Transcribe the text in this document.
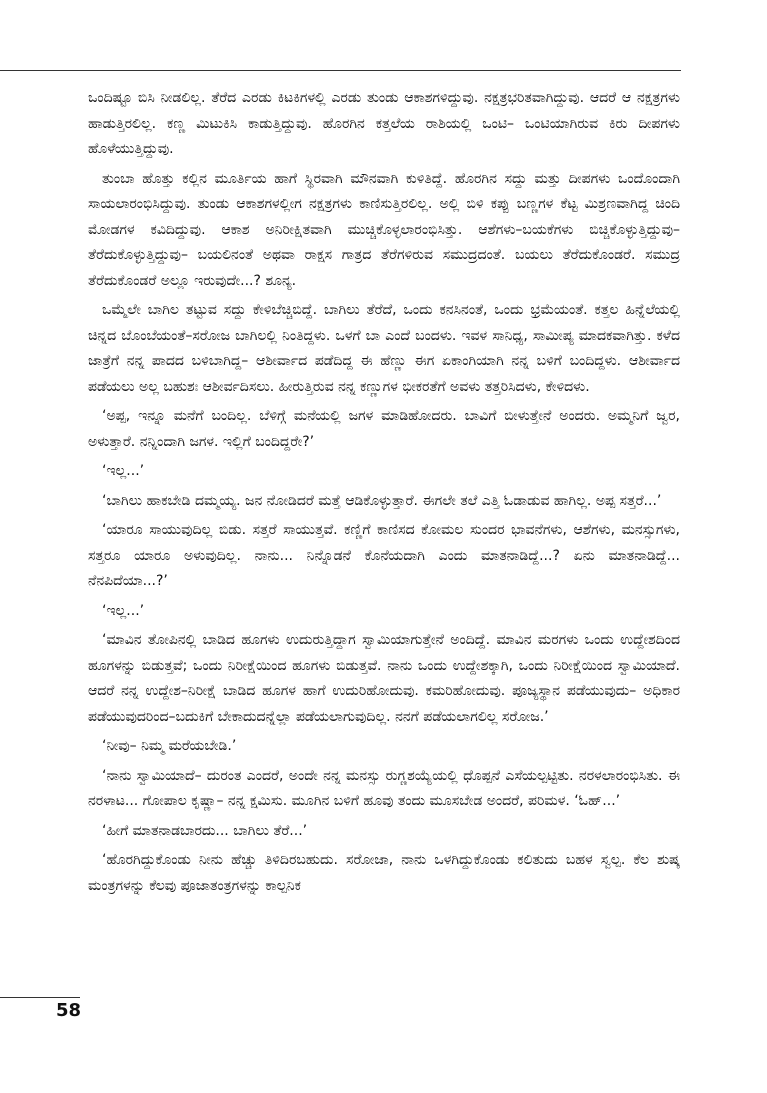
ಒಂದಿಷ್ಟೂ ಬಿಸಿ ನೀಡಲಿಲ್ಲ. ತೆರೆದ ಎರಡು ಕಿಟಕಿಗಳಲ್ಲಿ ಎರಡು ತುಂಡು ಆಕಾಶಗಳಿದ್ದುವು. ನಕ್ಷತ್ರಭರಿತವಾಗಿದ್ದುವು. ಆದರೆ ಆ ನಕ್ಷತ್ರಗಳು ಹಾಡುತ್ತಿರಲಿಲ್ಲ. ಕಣ್ಣ ಮಿಟುಕಿಸಿ ಕಾಡುತ್ತಿದ್ದುವು. ಹೊರಗಿನ ಕತ್ತಲೆಯ ರಾಶಿಯಲ್ಲಿ ಒಂಟಿ– ಒಂಟಿಯಾಗಿರುವ ಕಿರು ದೀಪಗಳು ಹೊಳೆಯುತ್ತಿದ್ದುವು.

ತುಂಬಾ ಹೊತ್ತು ಕಲ್ಲಿನ ಮೂರ್ತಿಯ ಹಾಗೆ ಸ್ಥಿರವಾಗಿ ಮೌನವಾಗಿ ಕುಳಿತಿದ್ದೆ. ಹೊರಗಿನ ಸದ್ದು ಮತ್ತು ದೀಪಗಳು ಒಂದೊಂದಾಗಿ ಸಾಯಲಾರಂಭಿಸಿದ್ದುವು. ತುಂಡು ಆಕಾಶಗಳಲ್ಲೀಗ ನಕ್ಷತ್ರಗಳು ಕಾಣಿಸುತ್ತಿರಲಿಲ್ಲ. ಅಲ್ಲಿ ಬಿಳಿ ಕಪ್ಪು ಬಣ್ಣಗಳ ಕೆಟ್ಟ ಮಿಶ್ರಣವಾಗಿದ್ದ ಚಿಂದಿ ಮೋಡಗಳ ಕವಿದಿದ್ದುವು. ಆಕಾಶ ಅನಿರೀಕ್ಷಿತವಾಗಿ ಮುಚ್ಚಿಕೊಳ್ಳಲಾರಂಭಿಸಿತ್ತು. ಆಶೆಗಳು–ಬಯಕೆಗಳು ಬಿಚ್ಚಿಕೊಳ್ಳುತ್ತಿದ್ದುವು– ತೆರೆದುಕೊಳ್ಳುತ್ತಿದ್ದುವು– ಬಯಲಿನಂತೆ ಅಥವಾ ರಾಕ್ಷಸ ಗಾತ್ರದ ತೆರೆಗಳಿರುವ ಸಮುದ್ರದಂತೆ. ಬಯಲು ತೆರೆದುಕೊಂಡರೆ. ಸಮುದ್ರ ತೆರೆದುಕೊಂಡರೆ ಅಲ್ಲೂ ಇರುವುದೇ...? ಶೂನ್ಯ.

ಒಮ್ಮೆಲೇ ಬಾಗಿಲ ತಟ್ಟುವ ಸದ್ದು ಕೇಳಿಬೆಚ್ಚಿಬಿದ್ದೆ. ಬಾಗಿಲು ತೆರೆದೆ, ಒಂದು ಕನಸಿನಂತೆ, ಒಂದು ಭ್ರಮೆಯಂತೆ. ಕತ್ತಲ ಹಿನ್ನೆಲೆಯಲ್ಲಿ ಚಿನ್ನದ ಬೊಂಬೆಯಂತೆ–ಸರೋಜ ಬಾಗಿಲಲ್ಲಿ ನಿಂತಿದ್ದಳು. ಒಳಗೆ ಬಾ ಎಂದೆ ಬಂದಳು. ಇವಳ ಸಾನಿಧ್ಯ, ಸಾಮೀಪ್ಯ ಮಾದಕವಾಗಿತ್ತು. ಕಳೆದ ಜಾತ್ರೆಗೆ ನನ್ನ ಪಾದದ ಬಳಿಬಾಗಿದ್ದ– ಆಶೀರ್ವಾದ ಪಡೆದಿದ್ದ ಈ ಹೆಣ್ಣು ಈಗ ಏಕಾಂಗಿಯಾಗಿ ನನ್ನ ಬಳಿಗೆ ಬಂದಿದ್ದಳು. ಆಶೀರ್ವಾದ ಪಡೆಯಲು ಅಲ್ಲ ಬಹುಶಃ ಆಶೀರ್ವದಿಸಲು. ಹೀರುತ್ತಿರುವ ನನ್ನ ಕಣ್ಣುಗಳ ಭೀಕರತೆಗೆ ಅವಳು ತತ್ತರಿಸಿದಳು, ಕೇಳಿದಳು.

‘ಅಪ್ಪ, ಇನ್ನೂ ಮನೆಗೆ ಬಂದಿಲ್ಲ. ಬೆಳಿಗ್ಗೆ ಮನೆಯಲ್ಲಿ ಜಗಳ ಮಾಡಿಹೋದರು. ಬಾವಿಗೆ ಬೀಳುತ್ತೇನೆ ಅಂದರು. ಅಮ್ಮನಿಗೆ ಜ್ವರ, ಅಳುತ್ತಾರೆ. ನನ್ನಿಂದಾಗಿ ಜಗಳ. ಇಲ್ಲಿಗೆ ಬಂದಿದ್ದರೇ?’

‘ಇಲ್ಲ...’

‘ಬಾಗಿಲು ಹಾಕಬೇಡಿ ದಮ್ಮಯ್ಯ. ಜನ ನೋಡಿದರೆ ಮತ್ತೆ ಆಡಿಕೊಳ್ಳುತ್ತಾರೆ. ಈಗಲೇ ತಲೆ ಎತ್ತಿ ಓಡಾಡುವ ಹಾಗಿಲ್ಲ. ಅಪ್ಪ ಸತ್ತರೆ...’

‘ಯಾರೂ ಸಾಯುವುದಿಲ್ಲ ಬಿಡು. ಸತ್ತರೆ ಸಾಯುತ್ತವೆ. ಕಣ್ಣಿಗೆ ಕಾಣಿಸದ ಕೋಮಲ ಸುಂದರ ಭಾವನೆಗಳು, ಆಶೆಗಳು, ಮನಸ್ಸುಗಳು, ಸತ್ತರೂ ಯಾರೂ ಅಳುವುದಿಲ್ಲ. ನಾನು... ನಿನ್ನೊಡನೆ ಕೊನೆಯದಾಗಿ ಎಂದು ಮಾತನಾಡಿದ್ದೆ...? ಏನು ಮಾತನಾಡಿದ್ದೆ... ನೆನಪಿದೆಯಾ...?’

‘ಇಲ್ಲ...’

‘ಮಾವಿನ ತೋಪಿನಲ್ಲಿ ಬಾಡಿದ ಹೂಗಳು ಉದುರುತ್ತಿದ್ದಾಗ ಸ್ವಾಮಿಯಾಗುತ್ತೇನೆ ಅಂದಿದ್ದೆ. ಮಾವಿನ ಮರಗಳು ಒಂದು ಉದ್ದೇಶದಿಂದ ಹೂಗಳನ್ನು ಬಿಡುತ್ತವೆ; ಒಂದು ನಿರೀಕ್ಷೆಯಿಂದ ಹೂಗಳು ಬಿಡುತ್ತವೆ. ನಾನು ಒಂದು ಉದ್ದೇಶಕ್ಕಾಗಿ, ಒಂದು ನಿರೀಕ್ಷೆಯಿಂದ ಸ್ವಾಮಿಯಾದೆ. ಆದರೆ ನನ್ನ ಉದ್ದೇಶ–ನಿರೀಕ್ಷೆ ಬಾಡಿದ ಹೂಗಳ ಹಾಗೆ ಉದುರಿಹೋದುವು. ಕಮರಿಹೋದುವು. ಪೂಜ್ಯಸ್ಥಾನ ಪಡೆಯುವುದು– ಅಧಿಕಾರ ಪಡೆಯುವುದರಿಂದ–ಬದುಕಿಗೆ ಬೇಕಾದುದನ್ನೆಲ್ಲಾ ಪಡೆಯಲಾಗುವುದಿಲ್ಲ. ನನಗೆ ಪಡೆಯಲಾಗಲಿಲ್ಲ ಸರೋಜ.’

‘ನೀವು– ನಿಮ್ಮ ಮರೆಯಬೇಡಿ.’

‘ನಾನು ಸ್ವಾಮಿಯಾದೆ– ದುರಂತ ಎಂದರೆ, ಅಂದೇ ನನ್ನ ಮನಸ್ಸು ರುಗ್ಣಶಯ್ಯೆಯಲ್ಲಿ ಧೊಪ್ಪನೆ ಎಸೆಯಲ್ಪಟ್ಟಿತು. ನರಳಲಾರಂಭಿಸಿತು. ಈ ನರಳಾಟ... ಗೋಪಾಲ ಕೃಷ್ಣಾ– ನನ್ನ ಕ್ಷಮಿಸು. ಮೂಗಿನ ಬಳಿಗೆ ಹೂವು ತಂದು ಮೂಸಬೇಡ ಅಂದರೆ, ಪರಿಮಳ. ‘ಓಹ್...’

‘ಹೀಗೆ ಮಾತನಾಡಬಾರದು... ಬಾಗಿಲು ತೆರೆ...’

‘ಹೊರಗಿದ್ದುಕೊಂಡು ನೀನು ಹೆಚ್ಚು ತಿಳಿದಿರಬಹುದು. ಸರೋಜಾ, ನಾನು ಒಳಗಿದ್ದುಕೊಂಡು ಕಲಿತುದು ಬಹಳ ಸ್ವಲ್ಪ. ಕೆಲ ಶುಷ್ಕ ಮಂತ್ರಗಳನ್ನು ಕೆಲವು ಪೂಜಾತಂತ್ರಗಳನ್ನು ಕಾಲ್ಪನಿಕ

58
